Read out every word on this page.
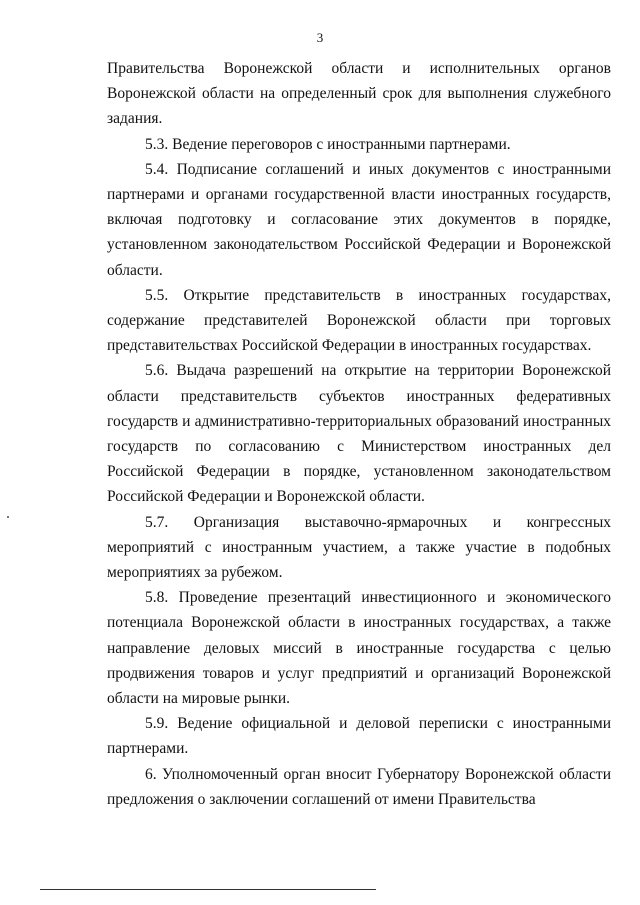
3

Правительства Воронежской области и исполнительных органов Воронежской области на определенный срок для выполнения служебного задания.

5.3. Ведение переговоров с иностранными партнерами.

5.4. Подписание соглашений и иных документов с иностранными партнерами и органами государственной власти иностранных государств, включая подготовку и согласование этих документов в порядке, установленном законодательством Российской Федерации и Воронежской области.

5.5. Открытие представительств в иностранных государствах, содержание представителей Воронежской области при торговых представительствах Российской Федерации в иностранных государствах.

5.6. Выдача разрешений на открытие на территории Воронежской области представительств субъектов иностранных федеративных государств и административно-территориальных образований иностранных государств по согласованию с Министерством иностранных дел Российской Федерации в порядке, установленном законодательством Российской Федерации и Воронежской области.

5.7. Организация выставочно-ярмарочных и конгрессных мероприятий с иностранным участием, а также участие в подобных мероприятиях за рубежом.

5.8. Проведение презентаций инвестиционного и экономического потенциала Воронежской области в иностранных государствах, а также направление деловых миссий в иностранные государства с целью продвижения товаров и услуг предприятий и организаций Воронежской области на мировые рынки.

5.9. Ведение официальной и деловой переписки с иностранными партнерами.

6. Уполномоченный орган вносит Губернатору Воронежской области предложения о заключении соглашений от имени Правительства
